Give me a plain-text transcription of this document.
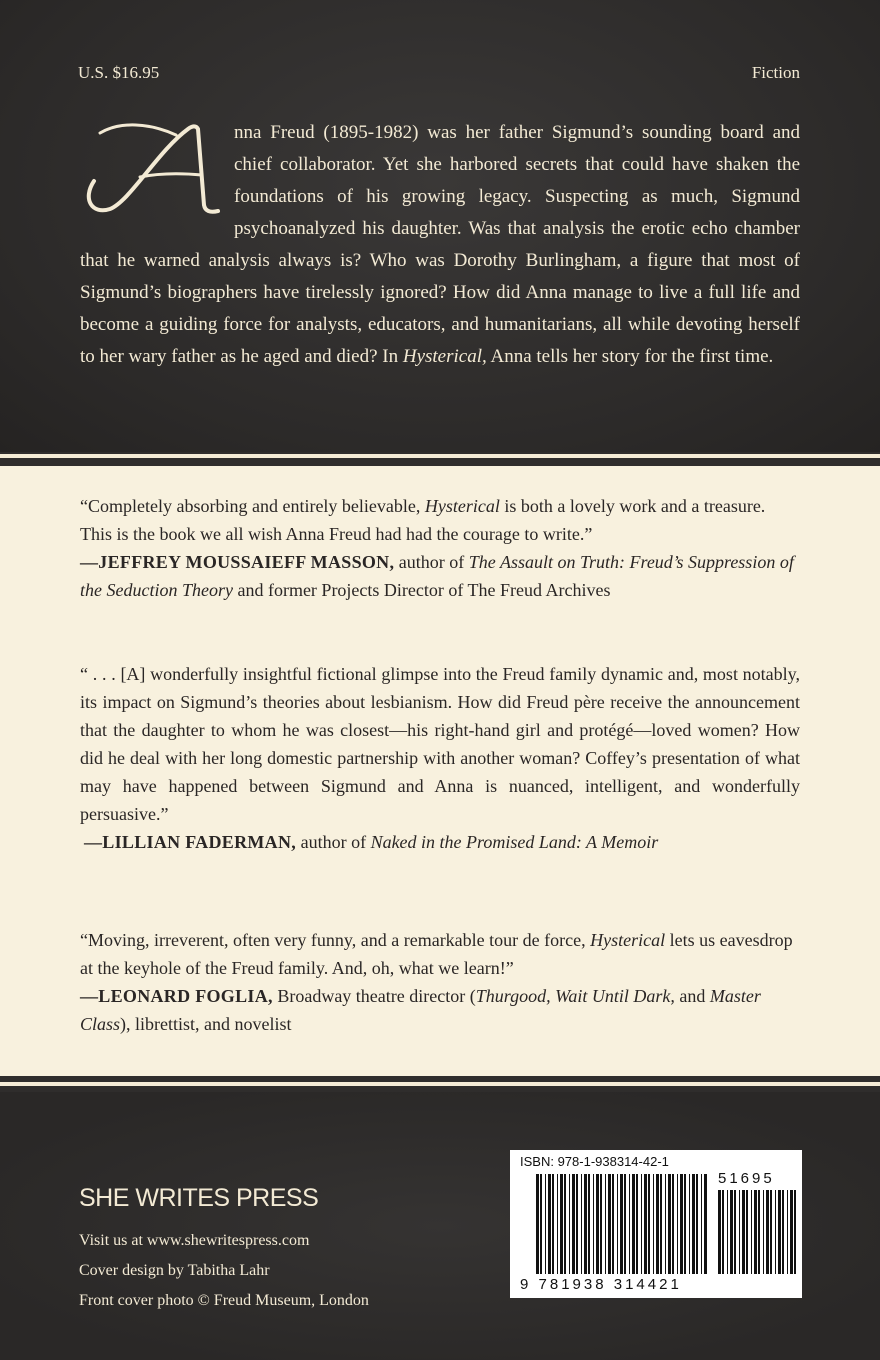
U.S. $16.95	Fiction
nna Freud (1895-1982) was her father Sigmund’s sounding board and chief collaborator. Yet she harbored secrets that could have shaken the foundations of his growing legacy. Suspecting as much, Sigmund psychoanalyzed his daughter. Was that analysis the erotic echo chamber that he warned analysis always is? Who was Dorothy Burlingham, a figure that most of Sigmund’s biographers have tirelessly ignored? How did Anna manage to live a full life and become a guiding force for analysts, educators, and humanitarians, all while devoting herself to her wary father as he aged and died? In Hysterical, Anna tells her story for the first time.

“Completely absorbing and entirely believable, Hysterical is both a lovely work and a treasure. This is the book we all wish Anna Freud had had the courage to write.”

—JEFFREY MOUSSAIEFF MASSON, author of The Assault on Truth: Freud’s Suppression of the Seduction Theory and former Projects Director of The Freud Archives

“ . . . [A] wonderfully insightful fictional glimpse into the Freud family dynamic and, most notably, its impact on Sigmund’s theories about lesbianism. How did Freud père receive the announcement that the daughter to whom he was closest—his right-hand girl and protégé—loved women? How did he deal with her long domestic partnership with another woman? Coffey’s presentation of what may have happened between Sigmund and Anna is nuanced, intelligent, and wonderfully persuasive.”

—LILLIAN FADERMAN, author of Naked in the Promised Land: A Memoir

“Moving, irreverent, often very funny, and a remarkable tour de force, Hysterical lets us eavesdrop at the keyhole of the Freud family. And, oh, what we learn!”

—LEONARD FOGLIA, Broadway theatre director (Thurgood, Wait Until Dark, and Master Class), librettist, and novelist

SHE WRITES PRESS
Visit us at www.shewritespress.com
Cover design by Tabitha Lahr
Front cover photo © Freud Museum, London
ISBN: 978-1-938314-42-1
51695
9 781938 314421
